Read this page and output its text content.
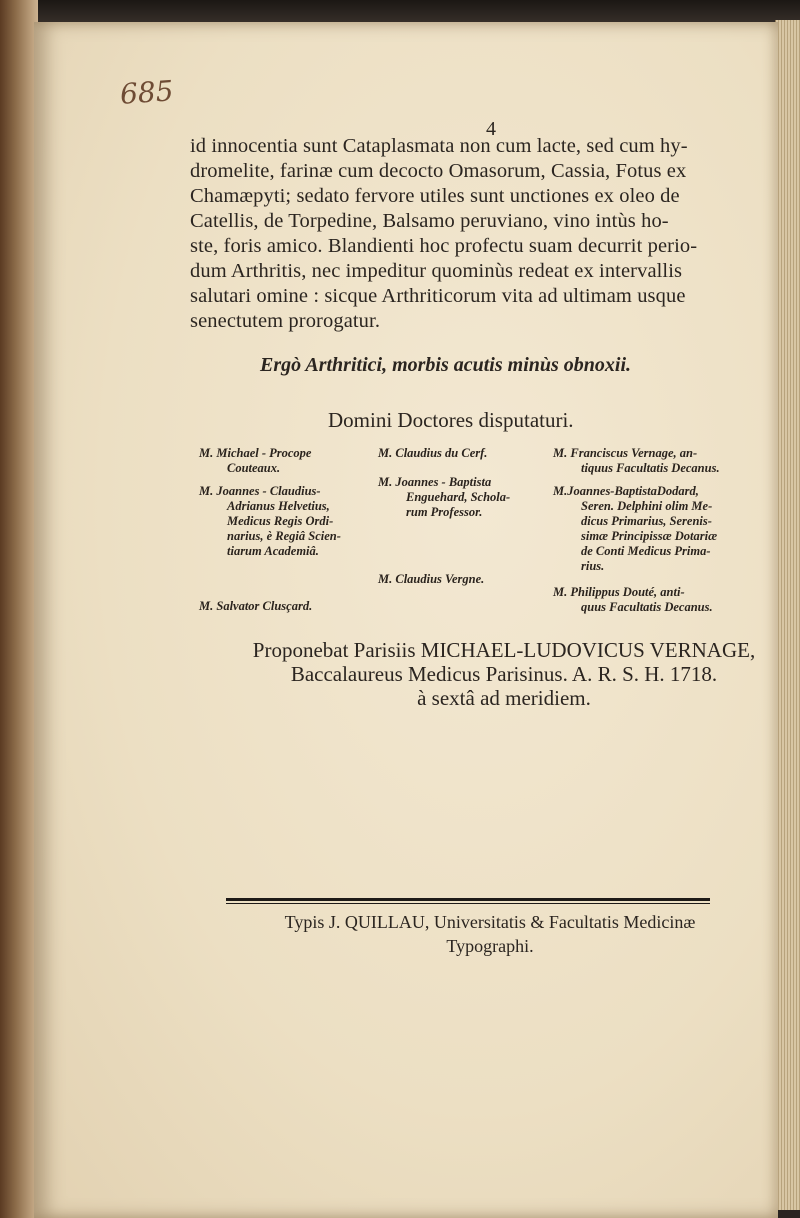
685
4
id innocentia sunt Cataplasmata non cum lacte, sed cum hy-
dromelite, farinæ cum decocto Omasorum, Cassia, Fotus ex
Chamæpyti; sedato fervore utiles sunt unctiones ex oleo de
Catellis, de Torpedine, Balsamo peruviano, vino intùs ho-
ste, foris amico. Blandienti hoc profectu suam decurrit perio-
dum Arthritis, nec impeditur quominùs redeat ex intervallis
salutari omine : sicque Arthriticorum vita ad ultimam usque
senectutem prorogatur.
Ergò Arthritici, morbis acutis minùs obnoxii.
Domini Doctores disputaturi.
M. Michael - Procope
Couteaux.
M. Joannes - Claudius-
Adrianus Helvetius,
Medicus Regis Ordi-
narius, è Regiâ Scien-
tiarum Academiâ.
M. Salvator Clusçard.
M. Claudius du Cerf.
M. Joannes - Baptista
Enguehard, Schola-
rum Professor.
M. Claudius Vergne.
M. Franciscus Vernage, an-
tiquus Facultatis Decanus.
M.Joannes-BaptistaDodard,
Seren. Delphini olim Me-
dicus Primarius, Serenis-
simæ Principissæ Dotariæ
de Conti Medicus Prima-
rius.
M. Philippus Douté, anti-
quus Facultatis Decanus.
Proponebat Parisiis MICHAEL-LUDOVICUS VERNAGE,
Baccalaureus Medicus Parisinus. A. R. S. H. 1718.
à sextâ ad meridiem.
Typis J. QUILLAU, Universitatis & Facultatis Medicinæ
Typographi.
